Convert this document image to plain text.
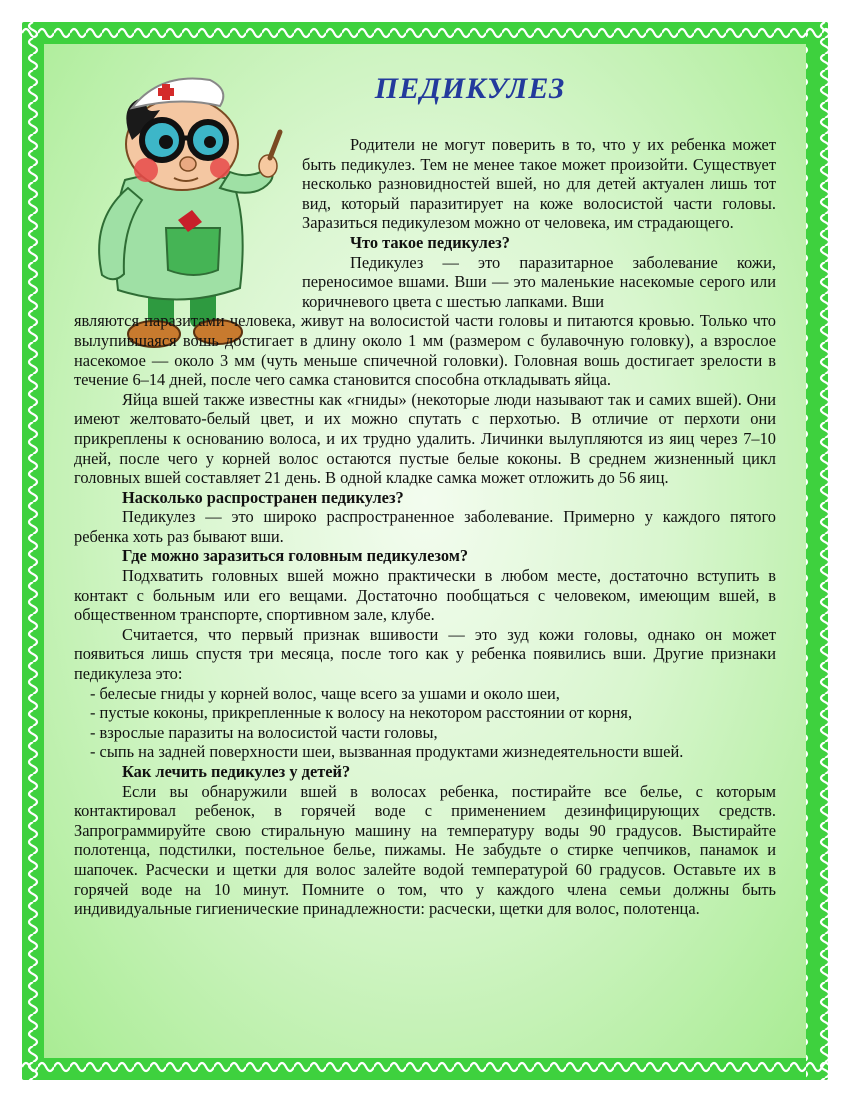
ПЕДИКУЛЕЗ

Родители не могут поверить в то, что у их ребенка может быть педикулез. Тем не менее такое может произойти. Существует несколько разновидностей вшей, но для детей актуален лишь тот вид, который паразитирует на коже волосистой части головы. Заразиться педикулезом можно от человека, им страдающего.

Что такое педикулез?

Педикулез — это паразитарное заболевание кожи, переносимое вшами. Вши — это маленькие насекомые серого или коричневого цвета с шестью лапками. Вши

являются паразитами человека, живут на волосистой части головы и питаются кровью. Только что вылупившаяся вошь достигает в длину около 1 мм (размером с булавочную головку), а взрослое насекомое — около 3 мм (чуть меньше спичечной головки). Головная вошь достигает зрелости в течение 6–14 дней, после чего самка становится способна откладывать яйца.

Яйца вшей также известны как «гниды» (некоторые люди называют так и самих вшей). Они имеют желтовато-белый цвет, и их можно спутать с перхотью. В отличие от перхоти они прикреплены к основанию волоса, и их трудно удалить. Личинки вылупляются из яиц через 7–10 дней, после чего у корней волос остаются пустые белые коконы. В среднем жизненный цикл головных вшей составляет 21 день. В одной кладке самка может отложить до 56 яиц.

Насколько распространен педикулез?

Педикулез — это широко распространенное заболевание. Примерно у каждого пятого ребенка хоть раз бывают вши.

Где можно заразиться головным педикулезом?

Подхватить головных вшей можно практически в любом месте, достаточно вступить в контакт с больным или его вещами. Достаточно пообщаться с человеком, имеющим вшей, в общественном транспорте, спортивном зале, клубе.

Считается, что первый признак вшивости — это зуд кожи головы, однако он может появиться лишь спустя три месяца, после того как у ребенка появились вши. Другие признаки педикулеза это:

- белесые гниды у корней волос, чаще всего за ушами и около шеи,

- пустые коконы, прикрепленные к волосу на некотором расстоянии от корня,

- взрослые паразиты на волосистой части головы,

- сыпь на задней поверхности шеи, вызванная продуктами жизнедеятельности вшей.

Как лечить педикулез у детей?

Если вы обнаружили вшей в волосах ребенка, постирайте все белье, с которым контактировал ребенок, в горячей воде с применением дезинфицирующих средств. Запрограммируйте свою стиральную машину на температуру воды 90 градусов. Выстирайте полотенца, подстилки, постельное белье, пижамы. Не забудьте о стирке чепчиков, панамок и шапочек. Расчески и щетки для волос залейте водой температурой 60 градусов. Оставьте их в горячей воде на 10 минут. Помните о том, что у каждого члена семьи должны быть индивидуальные гигиенические принадлежности: расчески, щетки для волос, полотенца.
